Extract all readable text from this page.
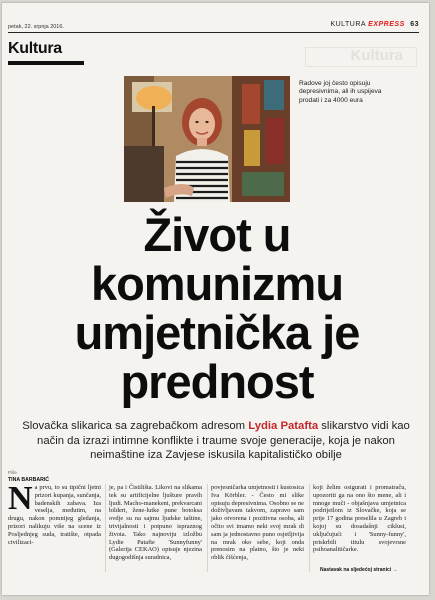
petak, 22. srpnja 2016.	KULTURA EXPRESS 63
Kultura	Kultura
Radove joj često opisuju depresivnima, ali ih uspijeva prodati i za 4000 eura
Život u
komunizmu
umjetnička je
prednost
Slovačka slikarica sa zagrebačkom adresom Lydia Patafta slikarstvo vidi kao način da izrazi intimne konflikte i traume svoje generacije, koja je nakon neimaštine iza Zavjese iskusila kapitalističko obilje
Piše
TINA BARBARIĆ
Na prvu, to su tipični ljetni prizori kupanja, sunčanja, badenskih zabava. Iza veselja, međutim, na drugu, nakon pomnijeg gledanja, prizori nalikuju više na scene iz Posljednjeg suda, tratište, otpada civilizaci-
je, pa i Čistilišta. Likovi na slikama tek su artificijelne ljušture pravih ljudi. Macho-manekeni, prekvarcani bilderi, žene-lutke pune botoksa ovdje su na sajmu ljudske taštine, trivijalnosti i potpuno ispraznog života. Tako najnoviju izložbu Lydie Patafte 'Sunnyfunny' (Galerija CEKAO) opisuje njezina dugogodišnja suradnica,
povjesničarka umjetnosti i kustosica Iva Körbler. - Često mi slike opisuju depresivnima. Osobno se ne doživljavam takvom, zapravo sam jako otvorena i pozitivna osoba, ali očito svi imamo neki svoj mrak di sam ja jednostavno puno osjetljivija na mrak oko sebe, koji onda prenosim na platno, što je neki oblik čišćenja,
koji želim osigurati i promatraču, upozoriti ga na ono što mene, ali i mnoge muči - objašnjava umjetnica podrijetlom iz Slovačke, koja se prije 17 godina preselila u Zagreb i kojoj su dosadašnji ciklusi, uključujući i 'Sunny-funny', priskrbili titulu svojevrsne psihoanalitičarke.
Nastavak na sljedećoj stranici →
